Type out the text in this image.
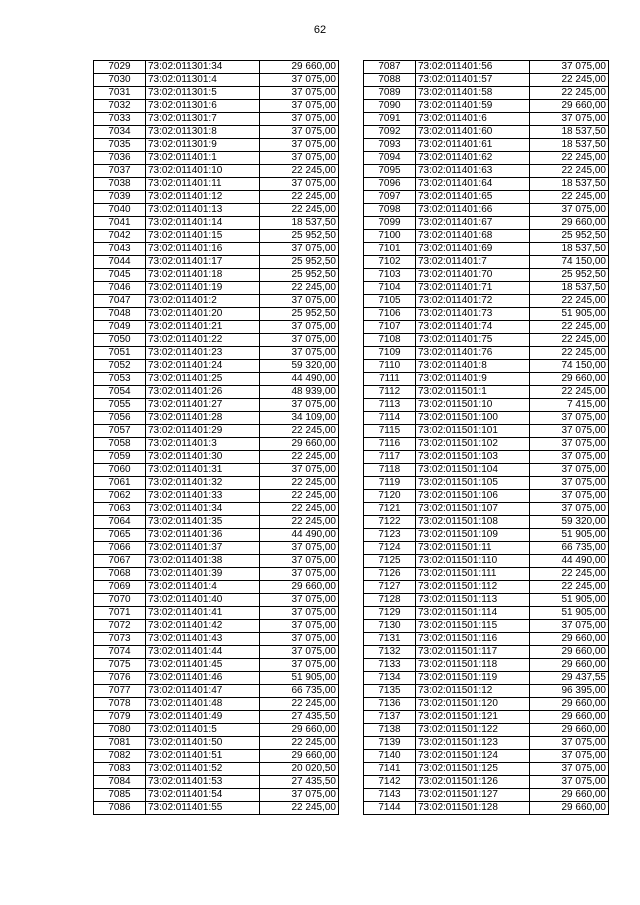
62
7029	73:02:011301:34	29 660,00
7030	73:02:011301:4	37 075,00
7031	73:02:011301:5	37 075,00
7032	73:02:011301:6	37 075,00
7033	73:02:011301:7	37 075,00
7034	73:02:011301:8	37 075,00
7035	73:02:011301:9	37 075,00
7036	73:02:011401:1	37 075,00
7037	73:02:011401:10	22 245,00
7038	73:02:011401:11	37 075,00
7039	73:02:011401:12	22 245,00
7040	73:02:011401:13	22 245,00
7041	73:02:011401:14	18 537,50
7042	73:02:011401:15	25 952,50
7043	73:02:011401:16	37 075,00
7044	73:02:011401:17	25 952,50
7045	73:02:011401:18	25 952,50
7046	73:02:011401:19	22 245,00
7047	73:02:011401:2	37 075,00
7048	73:02:011401:20	25 952,50
7049	73:02:011401:21	37 075,00
7050	73:02:011401:22	37 075,00
7051	73:02:011401:23	37 075,00
7052	73:02:011401:24	59 320,00
7053	73:02:011401:25	44 490,00
7054	73:02:011401:26	48 939,00
7055	73:02:011401:27	37 075,00
7056	73:02:011401:28	34 109,00
7057	73:02:011401:29	22 245,00
7058	73:02:011401:3	29 660,00
7059	73:02:011401:30	22 245,00
7060	73:02:011401:31	37 075,00
7061	73:02:011401:32	22 245,00
7062	73:02:011401:33	22 245,00
7063	73:02:011401:34	22 245,00
7064	73:02:011401:35	22 245,00
7065	73:02:011401:36	44 490,00
7066	73:02:011401:37	37 075,00
7067	73:02:011401:38	37 075,00
7068	73:02:011401:39	37 075,00
7069	73:02:011401:4	29 660,00
7070	73:02:011401:40	37 075,00
7071	73:02:011401:41	37 075,00
7072	73:02:011401:42	37 075,00
7073	73:02:011401:43	37 075,00
7074	73:02:011401:44	37 075,00
7075	73:02:011401:45	37 075,00
7076	73:02:011401:46	51 905,00
7077	73:02:011401:47	66 735,00
7078	73:02:011401:48	22 245,00
7079	73:02:011401:49	27 435,50
7080	73:02:011401:5	29 660,00
7081	73:02:011401:50	22 245,00
7082	73:02:011401:51	29 660,00
7083	73:02:011401:52	20 020,50
7084	73:02:011401:53	27 435,50
7085	73:02:011401:54	37 075,00
7086	73:02:011401:55	22 245,00
7087	73:02:011401:56	37 075,00
7088	73:02:011401:57	22 245,00
7089	73:02:011401:58	22 245,00
7090	73:02:011401:59	29 660,00
7091	73:02:011401:6	37 075,00
7092	73:02:011401:60	18 537,50
7093	73:02:011401:61	18 537,50
7094	73:02:011401:62	22 245,00
7095	73:02:011401:63	22 245,00
7096	73:02:011401:64	18 537,50
7097	73:02:011401:65	22 245,00
7098	73:02:011401:66	37 075,00
7099	73:02:011401:67	29 660,00
7100	73:02:011401:68	25 952,50
7101	73:02:011401:69	18 537,50
7102	73:02:011401:7	74 150,00
7103	73:02:011401:70	25 952,50
7104	73:02:011401:71	18 537,50
7105	73:02:011401:72	22 245,00
7106	73:02:011401:73	51 905,00
7107	73:02:011401:74	22 245,00
7108	73:02:011401:75	22 245,00
7109	73:02:011401:76	22 245,00
7110	73:02:011401:8	74 150,00
7111	73:02:011401:9	29 660,00
7112	73:02:011501:1	22 245,00
7113	73:02:011501:10	7 415,00
7114	73:02:011501:100	37 075,00
7115	73:02:011501:101	37 075,00
7116	73:02:011501:102	37 075,00
7117	73:02:011501:103	37 075,00
7118	73:02:011501:104	37 075,00
7119	73:02:011501:105	37 075,00
7120	73:02:011501:106	37 075,00
7121	73:02:011501:107	37 075,00
7122	73:02:011501:108	59 320,00
7123	73:02:011501:109	51 905,00
7124	73:02:011501:11	66 735,00
7125	73:02:011501:110	44 490,00
7126	73:02:011501:111	22 245,00
7127	73:02:011501:112	22 245,00
7128	73:02:011501:113	51 905,00
7129	73:02:011501:114	51 905,00
7130	73:02:011501:115	37 075,00
7131	73:02:011501:116	29 660,00
7132	73:02:011501:117	29 660,00
7133	73:02:011501:118	29 660,00
7134	73:02:011501:119	29 437,55
7135	73:02:011501:12	96 395,00
7136	73:02:011501:120	29 660,00
7137	73:02:011501:121	29 660,00
7138	73:02:011501:122	29 660,00
7139	73:02:011501:123	37 075,00
7140	73:02:011501:124	37 075,00
7141	73:02:011501:125	37 075,00
7142	73:02:011501:126	37 075,00
7143	73:02:011501:127	29 660,00
7144	73:02:011501:128	29 660,00
